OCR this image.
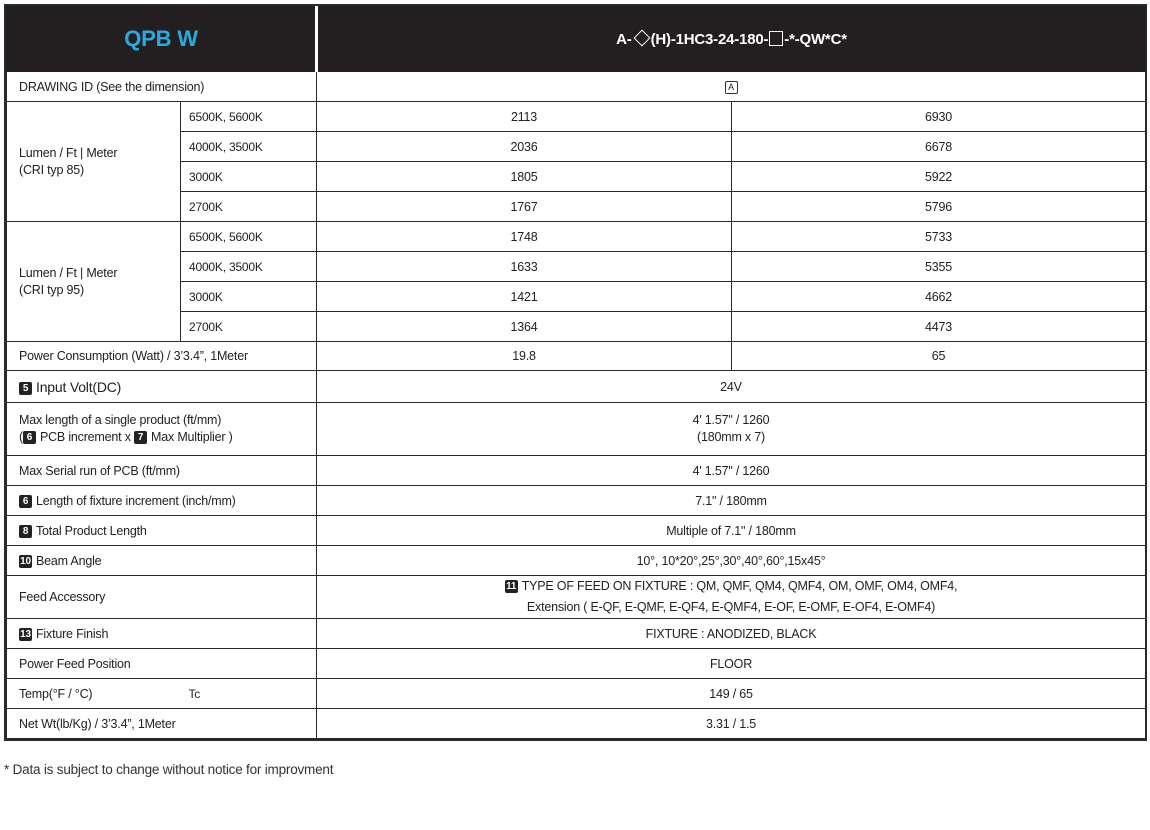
QPB W		A- (H)-1HC3-24-180- -*-QW*C*	
DRAWING ID (See the dimension)		A	
Lumen / Ft | Meter
(CRI typ 85)	6500K, 5600K	2113	6930
	4000K, 3500K	2036	6678
	3000K	1805	5922
	2700K	1767	5796
Lumen / Ft | Meter
(CRI typ 95)	6500K, 5600K	1748	5733
	4000K, 3500K	1633	5355
	3000K	1421	4662
	2700K	1364	4473
Power Consumption (Watt) / 3’3.4”, 1Meter		19.8	65
5 Input Volt(DC)		24V	
Max length of a single product (ft/mm)
( 6 PCB increment x 7 Max Multiplier )		4' 1.57" / 1260
(180mm x 7)	
Max Serial run of PCB (ft/mm)		4' 1.57" / 1260	
6 Length of fixture increment (inch/mm)		7.1" / 180mm	
8 Total Product Length		Multiple of 7.1" / 180mm	
10 Beam Angle		10°, 10*20°,25°,30°,40°,60°,15x45°	
Feed Accessory		11 TYPE OF FEED ON FIXTURE : QM, QMF, QM4, QMF4, OM, OMF, OM4, OMF4,
Extension ( E-QF, E-QMF, E-QF4, E-QMF4, E-OF, E-OMF, E-OF4, E-OMF4)	
13 Fixture Finish		FIXTURE : ANODIZED, BLACK	
Power Feed Position		FLOOR	
Temp(°F / °C)	Tc	149 / 65	
Net Wt(lb/Kg) / 3’3.4”, 1Meter		3.31 / 1.5	
* Data is subject to change without notice for improvment
